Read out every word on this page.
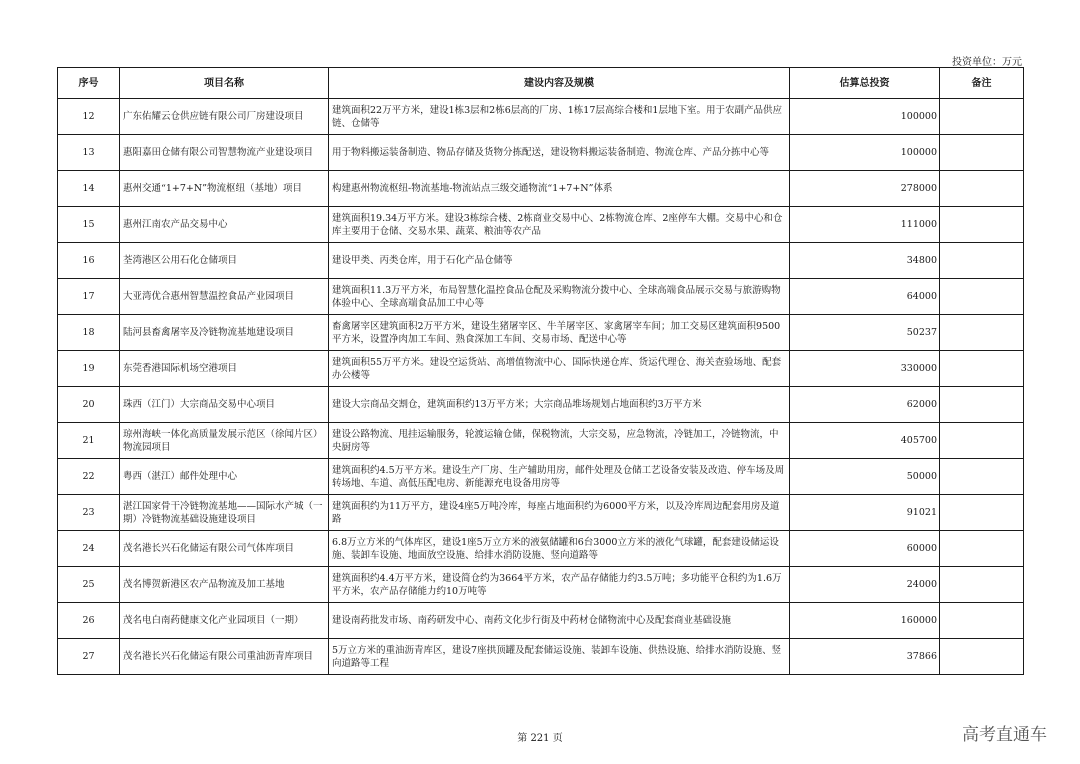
投资单位：万元
序号	项目名称	建设内容及规模	估算总投资	备注
12	广东佑耀云仓供应链有限公司厂房建设项目	建筑面积22万平方米，建设1栋3层和2栋6层高的厂房、1栋17层高综合楼和1层地下室。用于农副产品供应链、仓储等	100000	
13	惠阳嘉田仓储有限公司智慧物流产业建设项目	用于物料搬运装备制造、物品存储及货物分拣配送，建设物料搬运装备制造、物流仓库、产品分拣中心等	100000	
14	惠州交通“1+7+N”物流枢纽（基地）项目	构建惠州物流枢纽-物流基地-物流站点三级交通物流“1+7+N”体系	278000	
15	惠州江南农产品交易中心	建筑面积19.34万平方米。建设3栋综合楼、2栋商业交易中心、2栋物流仓库、2座停车大棚。交易中心和仓库主要用于仓储、交易水果、蔬菜、粮油等农产品	111000	
16	荃湾港区公用石化仓储项目	建设甲类、丙类仓库，用于石化产品仓储等	34800	
17	大亚湾优合惠州智慧温控食品产业园项目	建筑面积11.3万平方米，布局智慧化温控食品仓配及采购物流分拨中心、全球高端食品展示交易与旅游购物体验中心、全球高端食品加工中心等	64000	
18	陆河县畜禽屠宰及冷链物流基地建设项目	畜禽屠宰区建筑面积2万平方米，建设生猪屠宰区、牛羊屠宰区、家禽屠宰车间；加工交易区建筑面积9500平方米，设置净肉加工车间、熟食深加工车间、交易市场、配送中心等	50237	
19	东莞香港国际机场空港项目	建筑面积55万平方米。建设空运货站、高增值物流中心、国际快递仓库、货运代理仓、海关查验场地、配套办公楼等	330000	
20	珠西（江门）大宗商品交易中心项目	建设大宗商品交割仓，建筑面积约13万平方米；大宗商品堆场规划占地面积约3万平方米	62000	
21	琼州海峡一体化高质量发展示范区（徐闻片区）物流园项目	建设公路物流、甩挂运输服务，轮渡运输仓储，保税物流，大宗交易，应急物流，冷链加工，冷链物流，中央厨房等	405700	
22	粤西（湛江）邮件处理中心	建筑面积约4.5万平方米。建设生产厂房、生产辅助用房，邮件处理及仓储工艺设备安装及改造、停车场及周转场地、车道、高低压配电房、新能源充电设备用房等	50000	
23	湛江国家骨干冷链物流基地——国际水产城（一期）冷链物流基础设施建设项目	建筑面积约为11万平方，建设4座5万吨冷库，每座占地面积约为6000平方米，以及冷库周边配套用房及道路	91021	
24	茂名港长兴石化储运有限公司气体库项目	6.8万立方米的气体库区，建设1座5万立方米的液氨储罐和6台3000立方米的液化气球罐，配套建设储运设施、装卸车设施、地面放空设施、给排水消防设施、竖向道路等	60000	
25	茂名博贺新港区农产品物流及加工基地	建筑面积约4.4万平方米，建设简仓约为3664平方米，农产品存储能力约3.5万吨；多功能平仓积约为1.6万平方米，农产品存储能力约10万吨等	24000	
26	茂名电白南药健康文化产业园项目（一期）	建设南药批发市场、南药研发中心、南药文化步行街及中药材仓储物流中心及配套商业基础设施	160000	
27	茂名港长兴石化储运有限公司重油沥青库项目	5万立方米的重油沥青库区，建设7座拱顶罐及配套储运设施、装卸车设施、供热设施、给排水消防设施、竖向道路等工程	37866	
第 221 页	高考直通车
